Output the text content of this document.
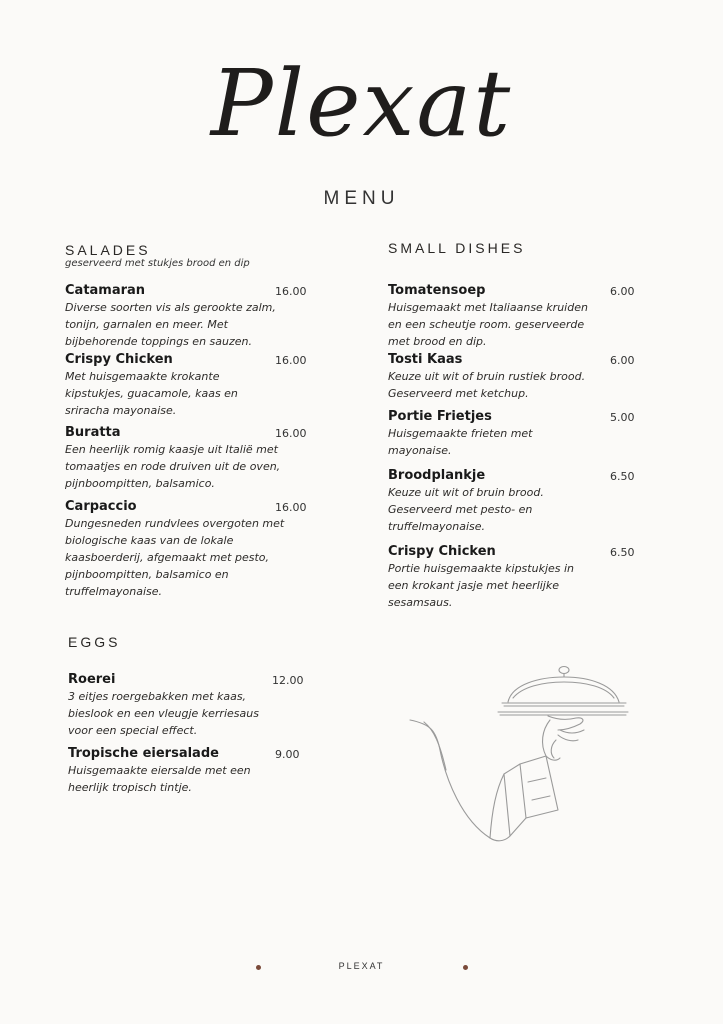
Plexat
MENU
SALADES
geserveerd met stukjes brood en dip
Catamaran	16.00
Diverse soorten vis als gerookte zalm, tonijn, garnalen en meer. Met bijbehorende toppings en sauzen.
Crispy Chicken	16.00
Met huisgemaakte krokante kipstukjes, guacamole, kaas en sriracha mayonaise.
Buratta	16.00
Een heerlijk romig kaasje uit Italië met tomaatjes en rode druiven uit de oven, pijnboompitten, balsamico.
Carpaccio	16.00
Dungesneden rundvlees overgoten met biologische kaas van de lokale kaasboerderij, afgemaakt met pesto, pijnboompitten, balsamico en truffelmayonaise.
SMALL DISHES
Tomatensoep	6.00
Huisgemaakt met Italiaanse kruiden en een scheutje room. geserveerde met brood en dip.
Tosti Kaas	6.00
Keuze uit wit of bruin rustiek brood. Geserveerd met ketchup.
Portie Frietjes	5.00
Huisgemaakte frieten met mayonaise.
Broodplankje	6.50
Keuze uit wit of bruin brood. Geserveerd met pesto- en truffelmayonaise.
Crispy Chicken	6.50
Portie huisgemaakte kipstukjes in een krokant jasje met heerlijke sesamsaus.
EGGS
Roerei	12.00
3 eitjes roergebakken met kaas, bieslook en een vleugje kerriesaus voor een special effect.
Tropische eiersalade	9.00
Huisgemaakte eiersalde met een heerlijk tropisch tintje.
PLEXAT
